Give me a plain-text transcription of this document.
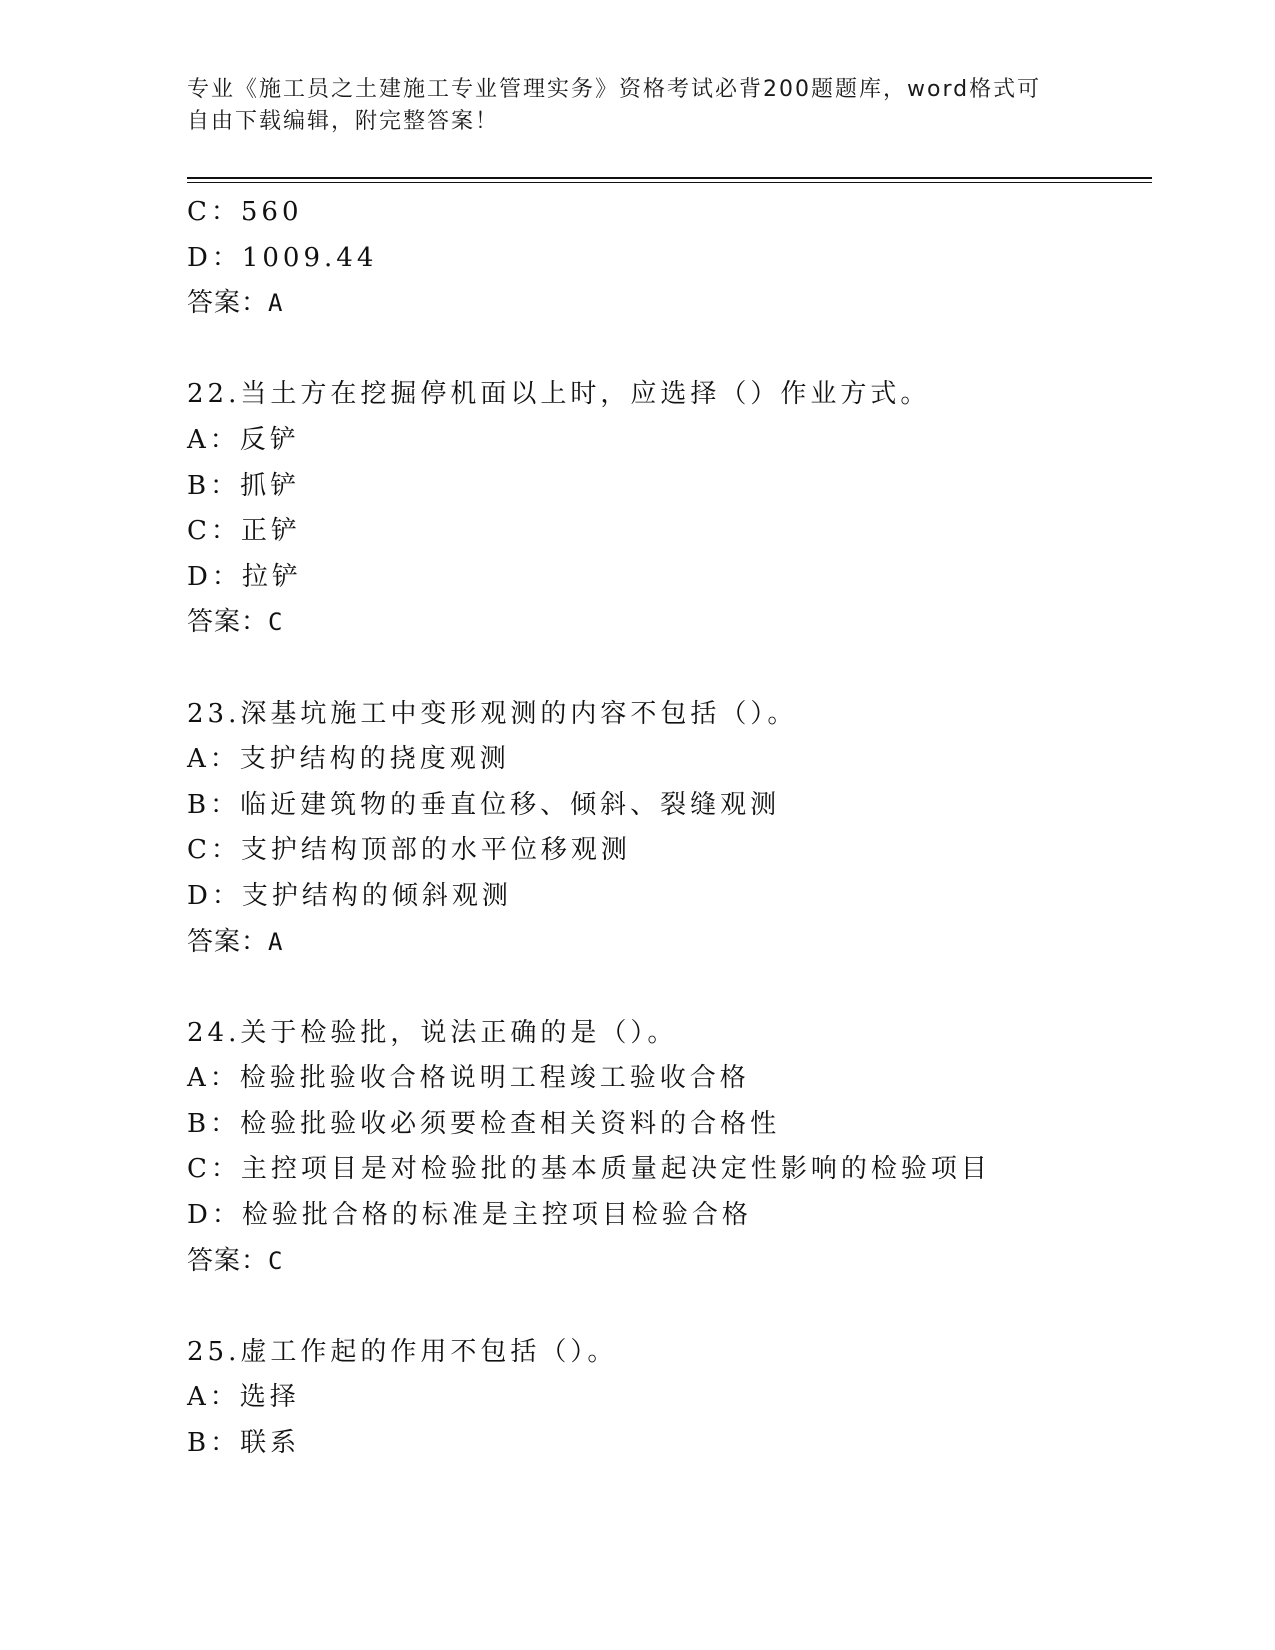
专业《施工员之土建施工专业管理实务》资格考试必背200题题库，word格式可
自由下载编辑，附完整答案！
C：560
D：1009.44
答案：A
22.当土方在挖掘停机面以上时，应选择（）作业方式。
A：反铲
B：抓铲
C：正铲
D：拉铲
答案：C
23.深基坑施工中变形观测的内容不包括（）。
A：支护结构的挠度观测
B：临近建筑物的垂直位移、倾斜、裂缝观测
C：支护结构顶部的水平位移观测
D：支护结构的倾斜观测
答案：A
24.关于检验批，说法正确的是（）。
A：检验批验收合格说明工程竣工验收合格
B：检验批验收必须要检查相关资料的合格性
C：主控项目是对检验批的基本质量起决定性影响的检验项目
D：检验批合格的标准是主控项目检验合格
答案：C
25.虚工作起的作用不包括（）。
A：选择
B：联系
